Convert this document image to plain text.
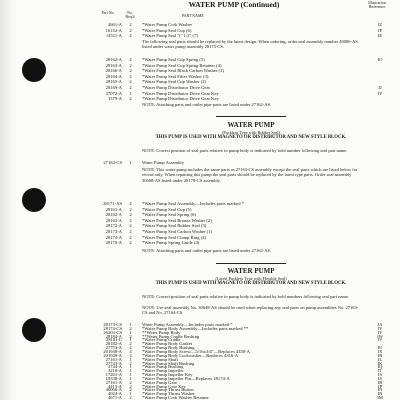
WATER PUMP (Continued)	Illustration Reference
Part No.	No. Req'd	PART NAME
4661-A	2	*Water Pump Cork Washer	IZ
16152-A	2	*Water Pump Seal Cup (6)	IF
14511-A	2	*Water Pump Seal "(" 1/2" (7)	IE
The following seal parts should be replaced by the latest design. When ordering, order seal assembly number 40086-AS listed under water pump assembly 28175-CS.
28162-A	2	*Water Pump Seal Cup Spring (5)	IO
28163-A	2	*Water Pump Seal Cup Spring Retainer (4)
28166-A	2	*Water Pump Seal Black Carbon Washer (1)
28164-A	2	*Water Pump Seal Filter Washer (3)
28165-A	2	*Water Pump Seal Cup Washer (2)
28169-A	2	*Water Pump Distributor Drive Gear	IJ
27072-A	1	*Water Pump Distributor Drive Gear Key	IY
1579-A	2	*Water Pump Distributor Drive Gear Key
NOTE: Attaching parts and outlet pipe parts are listed under 27162-AS.
WATER PUMP
(Packless Type with Rubber Seal)
THIS PUMP IS USED WITH MAGNETO OR DISTRIBUTOR AND NEW STYLE BLOCK.
NOTE: Correct position of seal parts relative to pump body is indicated by bold number following seal part name.
27164-CS	1	Water Pump Assembly
NOTE: This water pump includes the same parts as 27163-CS assembly except the seal parts which are listed below for record only. When repairing this pump the seal parts should be replaced by the latest type parts. Order seal assembly 30608-AS listed under 28178-CS assembly.
28171-AS	2	*Water Pump Seal Assembly—Includes parts marked *
28161-A	2	*Water Pump Seal Cup (5)
28162-A	2	*Water Pump Seal Spring (6)
28163-A	2	*Water Pump Seal Bronze Washer (2)
28172-A	2	*Water Pump Seal Rubber Seal (3)
28173-A	2	*Water Pump Seal Carbon Washer (1)
28174-A	2	*Water Pump Seal Clamp Ring (4)
28170-A	2	*Water Pump Spring Guide (4)
NOTE: Attaching parts and outlet pipe parts are listed under 27162-AS.
WATER PUMP
(Latest Packless Type with Flexible Seal)
THIS PUMP IS USED WITH MAGNETO OR DISTRIBUTOR AND NEW STYLE BLOCK.
NOTE: Correct position of seal parts relative to pump body is indicated by bold numbers following seal part name.
NOTE: Use seal assembly No. 30648-AS should be used when replacing any seal parts on pump assemblies No. 27163-CS and No. 27164-CS.
28173-CS	1	Water Pump Assembly—Includes parts marked *	JA
28174-CS	2	*Water Pump Body Assembly—Includes parts marked **	IY
26203-CS	1	**Water Pump Body	IY
28184-A	2	**Water Pump Cradle Bushing	IW
28181-C	1	*Water Pump Cradle	IV
28182-A	2	*Water Pump Body Gasket
27753-A	2	*Water Pump Body Bushing	IU
201948-A	4	*Water Pump Body Screw—5/16x3/4"—Replaces 4358-A	IX
201949-A	4	*Water Pump Body Lockwasher—Replaces 4316-A	IB
27161-A	1	*Water Pump Shaft	IL
27743-A	2	*Water Pump Shaft Bushing	IK
2744-A	1	*Water Pump Bushing	IQ
3210-A	1	*Water Pump Impeller	IT
17261-A	1	*Water Pump Impeller Key	IS
19338-A	1	*Water Pump Impeller Pin—Replaces 28174-A	IS
27161-A	2	*Water Pump Gear	IR
4413-A	2	*Water Pump Gear Key	IP
40066-A	2	*Water Pump Thrust Button	IN
4024-A	1	*Water Pump Thrust Washer	IN
4671-A	2	*Water Pump Cork Washer Retainer	IM
